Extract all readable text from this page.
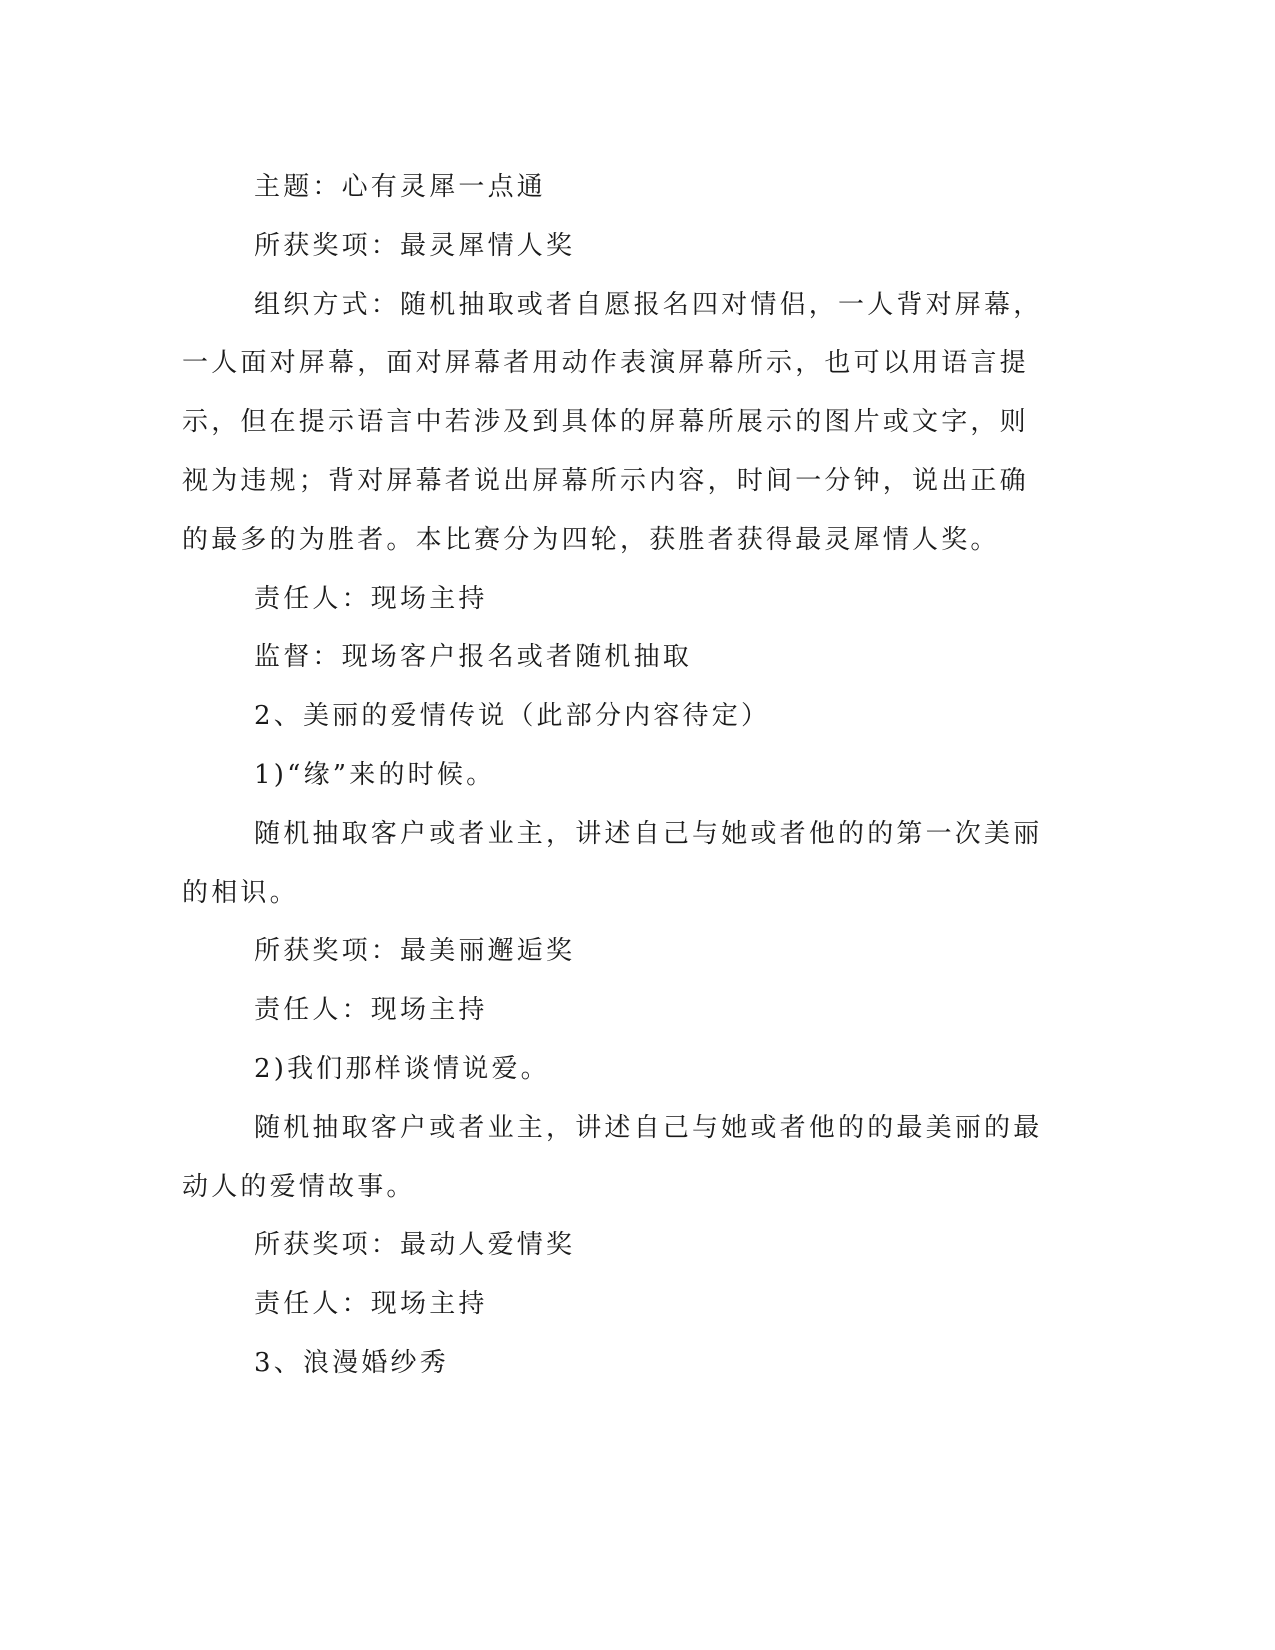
主题：心有灵犀一点通

所获奖项：最灵犀情人奖

组织方式：随机抽取或者自愿报名四对情侣，一人背对屏幕，一人面对屏幕，面对屏幕者用动作表演屏幕所示，也可以用语言提示，但在提示语言中若涉及到具体的屏幕所展示的图片或文字，则视为违规；背对屏幕者说出屏幕所示内容，时间一分钟，说出正确的最多的为胜者。本比赛分为四轮，获胜者获得最灵犀情人奖。

责任人：现场主持

监督：现场客户报名或者随机抽取

2、美丽的爱情传说（此部分内容待定）

1)“缘”来的时候。

随机抽取客户或者业主，讲述自己与她或者他的的第一次美丽的相识。

所获奖项：最美丽邂逅奖

责任人：现场主持

2)我们那样谈情说爱。

随机抽取客户或者业主，讲述自己与她或者他的的最美丽的最动人的爱情故事。

所获奖项：最动人爱情奖

责任人：现场主持

3、浪漫婚纱秀
